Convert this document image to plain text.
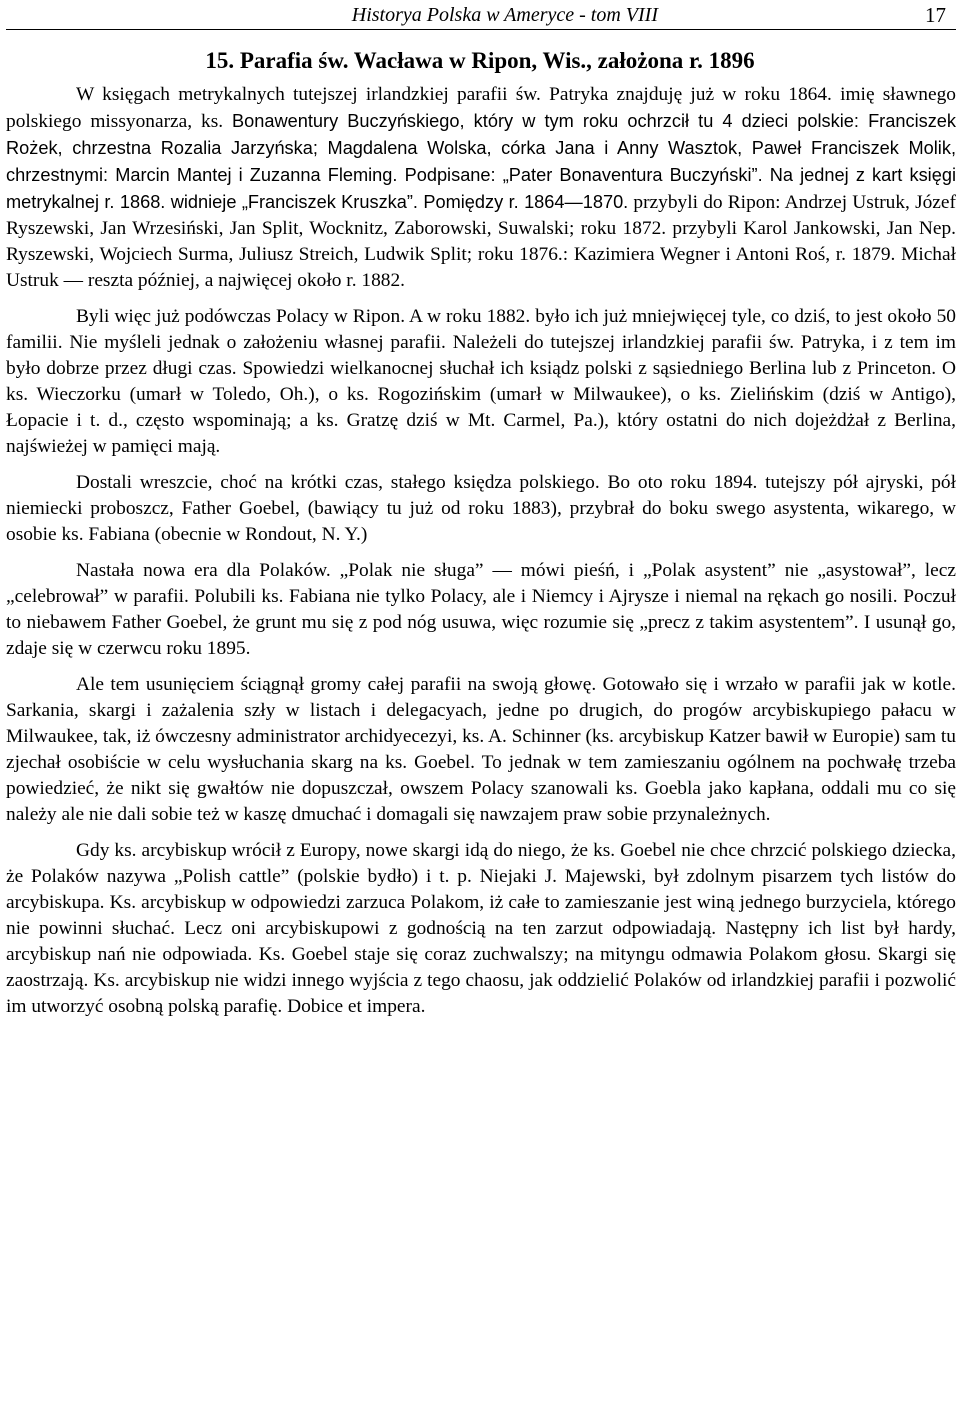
Historya Polska w Ameryce - tom VIII	17
15. Parafia św. Wacława w Ripon, Wis., założona r. 1896

W księgach metrykalnych tutejszej irlandzkiej parafii św. Patryka znajduję już w roku 1864. imię sławnego polskiego missyonarza, ks. Bonawentury Buczyńskiego, który w tym roku ochrzcił tu 4 dzieci polskie: Franciszek Rożek, chrzestna Rozalia Jarzyńska; Magdalena Wolska, córka Jana i Anny Wasztok, Paweł Franciszek Molik, chrzestnymi: Marcin Mantej i Zuzanna Fleming. Podpisane: „Pater Bonaventura Buczyński”. Na jednej z kart księgi metrykalnej r. 1868. widnieje „Franciszek Kruszka”. Pomiędzy r. 1864—1870. przybyli do Ripon: Andrzej Ustruk, Józef Ryszewski, Jan Wrzesiński, Jan Split, Wocknitz, Zaborowski, Suwalski; roku 1872. przybyli Karol Jankowski, Jan Nep. Ryszewski, Wojciech Surma, Juliusz Streich, Ludwik Split; roku 1876.: Kazimiera Wegner i Antoni Roś, r. 1879. Michał Ustruk — reszta później, a najwięcej około r. 1882.

Byli więc już podówczas Polacy w Ripon. A w roku 1882. było ich już mniejwięcej tyle, co dziś, to jest około 50 familii. Nie myśleli jednak o założeniu własnej parafii. Należeli do tutejszej irlandzkiej parafii św. Patryka, i z tem im było dobrze przez długi czas. Spowiedzi wielkanocnej słuchał ich ksiądz polski z sąsiedniego Berlina lub z Princeton. O ks. Wieczorku (umarł w Toledo, Oh.), o ks. Rogozińskim (umarł w Milwaukee), o ks. Zielińskim (dziś w Antigo), Łopacie i t. d., często wspominają; a ks. Gratzę dziś w Mt. Carmel, Pa.), który ostatni do nich dojeżdżał z Berlina, najświeżej w pamięci mają.

Dostali wreszcie, choć na krótki czas, stałego księdza polskiego. Bo oto roku 1894. tutejszy pół ajryski, pół niemiecki proboszcz, Father Goebel, (bawiący tu już od roku 1883), przybrał do boku swego asystenta, wikarego, w osobie ks. Fabiana (obecnie w Rondout, N. Y.)

Nastała nowa era dla Polaków. „Polak nie sługa” — mówi pieśń, i „Polak asystent” nie „asystował”, lecz „celebrował” w parafii. Polubili ks. Fabiana nie tylko Polacy, ale i Niemcy i Ajrysze i niemal na rękach go nosili. Poczuł to niebawem Father Goebel, że grunt mu się z pod nóg usuwa, więc rozumie się „precz z takim asystentem”. I usunął go, zdaje się w czerwcu roku 1895.

Ale tem usunięciem ściągnął gromy całej parafii na swoją głowę. Gotowało się i wrzało w parafii jak w kotle. Sarkania, skargi i zażalenia szły w listach i delegacyach, jedne po drugich, do progów arcybiskupiego pałacu w Milwaukee, tak, iż ówczesny administrator archidyecezyi, ks. A. Schinner (ks. arcybiskup Katzer bawił w Europie) sam tu zjechał osobiście w celu wysłuchania skarg na ks. Goebel. To jednak w tem zamieszaniu ogólnem na pochwałę trzeba powiedzieć, że nikt się gwałtów nie dopuszczał, owszem Polacy szanowali ks. Goebla jako kapłana, oddali mu co się należy ale nie dali sobie też w kaszę dmuchać i domagali się nawzajem praw sobie przynależnych.

Gdy ks. arcybiskup wrócił z Europy, nowe skargi idą do niego, że ks. Goebel nie chce chrzcić polskiego dziecka, że Polaków nazywa „Polish cattle” (polskie bydło) i t. p. Niejaki J. Majewski, był zdolnym pisarzem tych listów do arcybiskupa. Ks. arcybiskup w odpowiedzi zarzuca Polakom, iż całe to zamieszanie jest winą jednego burzyciela, którego nie powinni słuchać. Lecz oni arcybiskupowi z godnością na ten zarzut odpowiadają. Następny ich list był hardy, arcybiskup nań nie odpowiada. Ks. Goebel staje się coraz zuchwalszy; na mityngu odmawia Polakom głosu. Skargi się zaostrzają. Ks. arcybiskup nie widzi innego wyjścia z tego chaosu, jak oddzielić Polaków od irlandzkiej parafii i pozwolić im utworzyć osobną polską parafię. Dobice et impera.
